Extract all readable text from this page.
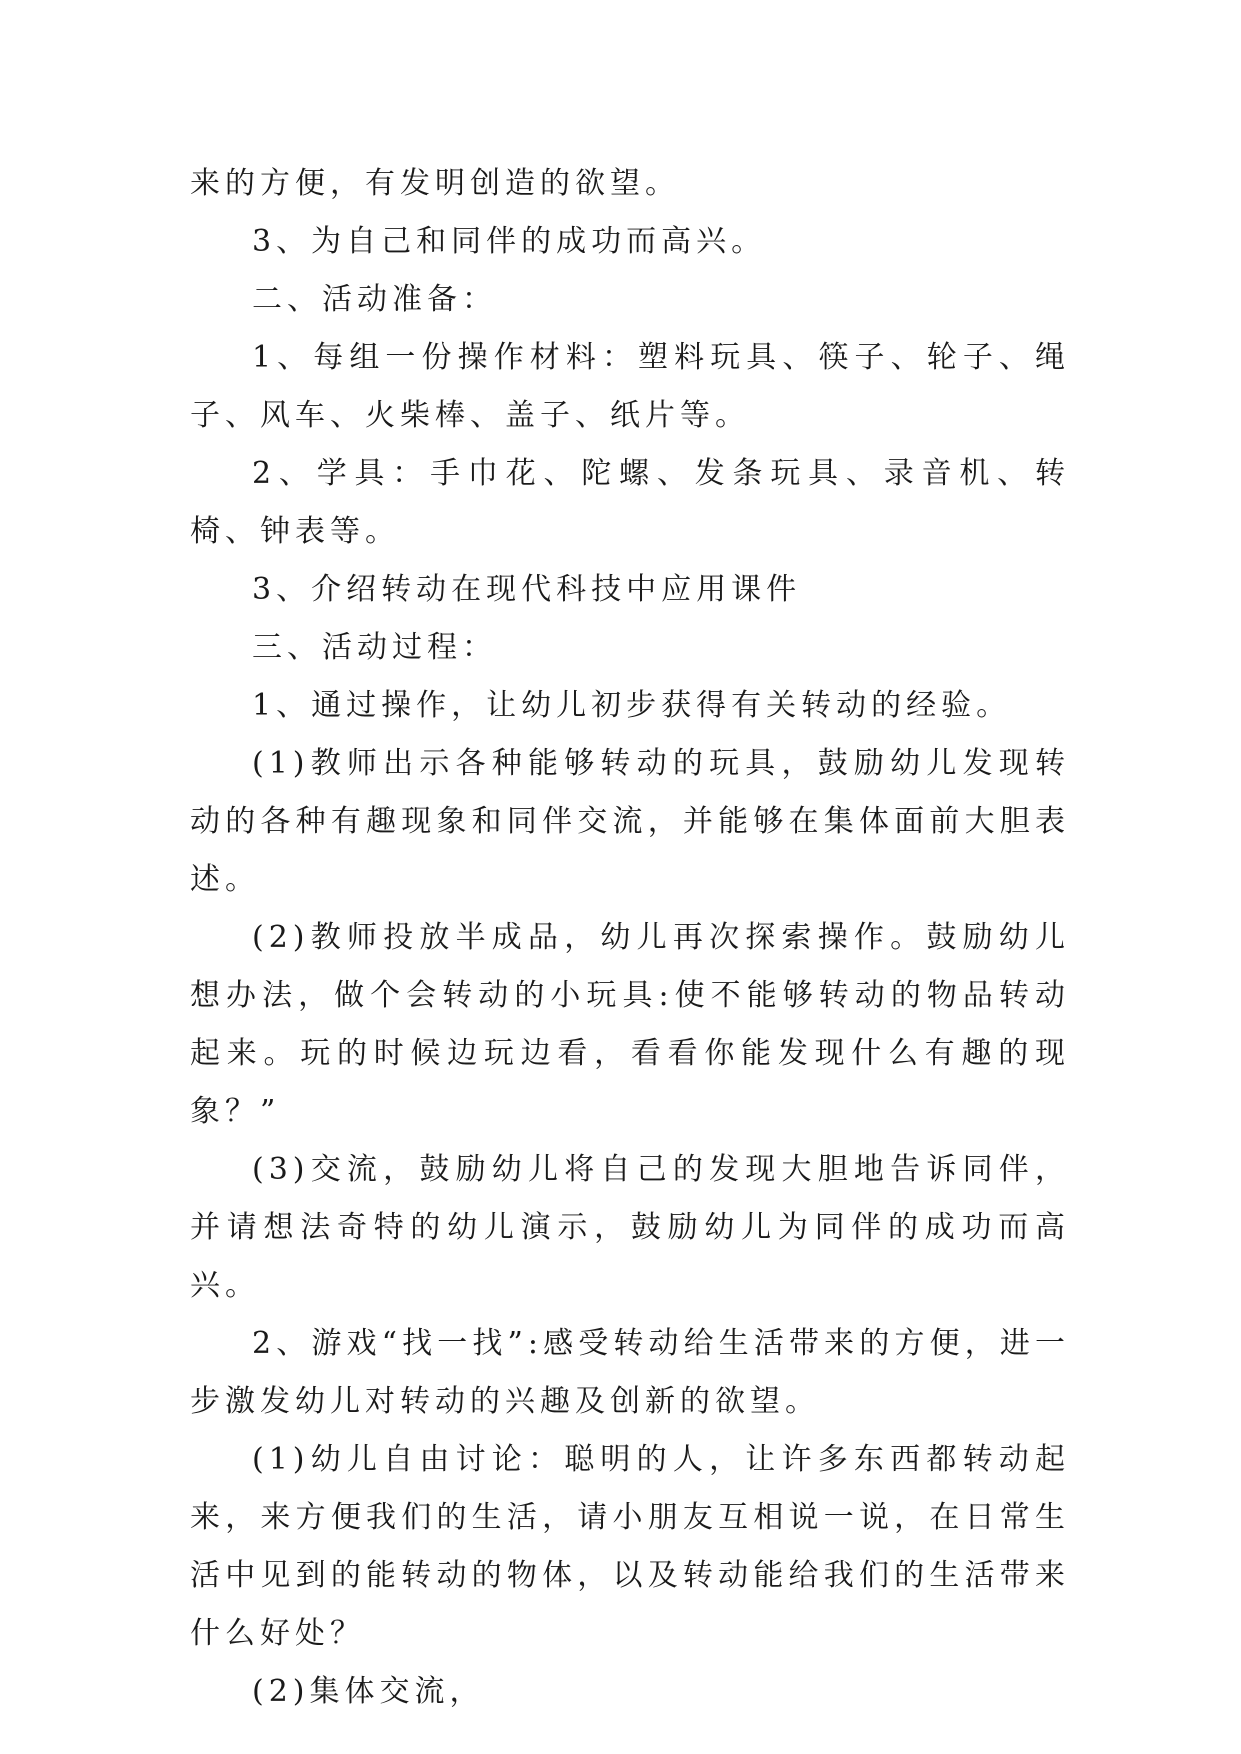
来的方便，有发明创造的欲望。

3、为自己和同伴的成功而高兴。

二、活动准备：

1、每组一份操作材料：塑料玩具、筷子、轮子、绳子、风车、火柴棒、盖子、纸片等。

2、学具：手巾花、陀螺、发条玩具、录音机、转椅、钟表等。

3、介绍转动在现代科技中应用课件

三、活动过程：

1、通过操作，让幼儿初步获得有关转动的经验。

(1)教师出示各种能够转动的玩具，鼓励幼儿发现转动的各种有趣现象和同伴交流，并能够在集体面前大胆表述。

(2)教师投放半成品，幼儿再次探索操作。鼓励幼儿想办法，做个会转动的小玩具:使不能够转动的物品转动起来。玩的时候边玩边看，看看你能发现什么有趣的现象？”

(3)交流，鼓励幼儿将自己的发现大胆地告诉同伴，并请想法奇特的幼儿演示，鼓励幼儿为同伴的成功而高兴。

2、游戏“找一找”:感受转动给生活带来的方便，进一步激发幼儿对转动的兴趣及创新的欲望。

(1)幼儿自由讨论：聪明的人，让许多东西都转动起来，来方便我们的生活，请小朋友互相说一说，在日常生活中见到的能转动的物体，以及转动能给我们的生活带来什么好处？

(2)集体交流，
